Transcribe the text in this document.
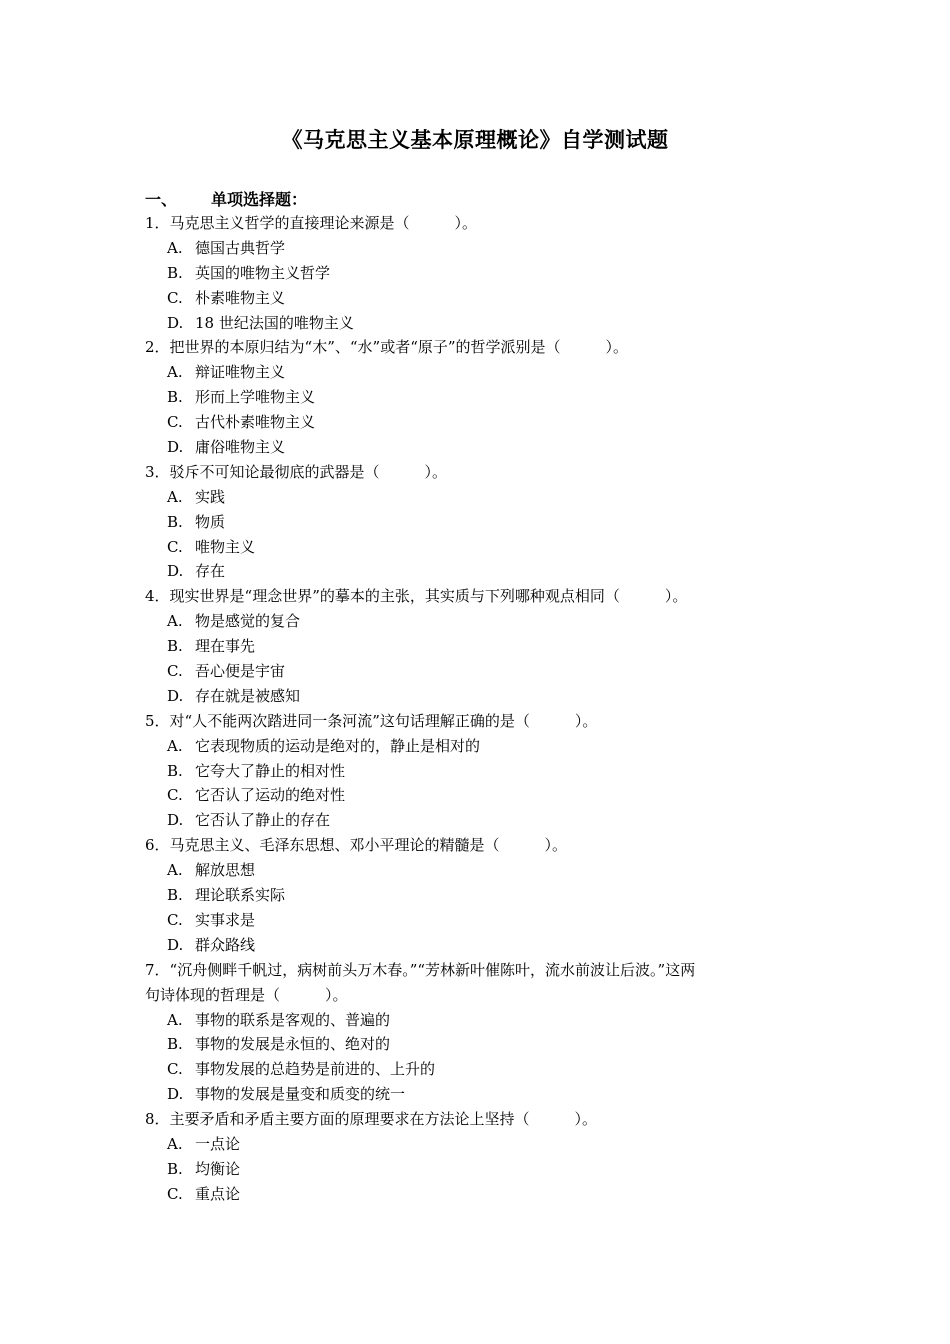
《马克思主义基本原理概论》自学测试题
一、 单项选择题：
1．马克思主义哲学的直接理论来源是（　　　）。
A. 德国古典哲学
B. 英国的唯物主义哲学
C. 朴素唯物主义
D. 18 世纪法国的唯物主义
2．把世界的本原归结为“木”、“水”或者“原子”的哲学派别是（　　　）。
A. 辩证唯物主义
B. 形而上学唯物主义
C. 古代朴素唯物主义
D. 庸俗唯物主义
3．驳斥不可知论最彻底的武器是（　　　）。
A. 实践
B. 物质
C. 唯物主义
D. 存在
4．现实世界是“理念世界”的摹本的主张，其实质与下列哪种观点相同（　　　）。
A. 物是感觉的复合
B. 理在事先
C. 吾心便是宇宙
D. 存在就是被感知
5．对“人不能两次踏进同一条河流”这句话理解正确的是（　　　）。
A. 它表现物质的运动是绝对的，静止是相对的
B. 它夸大了静止的相对性
C. 它否认了运动的绝对性
D. 它否认了静止的存在
6．马克思主义、毛泽东思想、邓小平理论的精髓是（　　　）。
A. 解放思想
B. 理论联系实际
C. 实事求是
D. 群众路线
7．“沉舟侧畔千帆过，病树前头万木春。”“芳林新叶催陈叶，流水前波让后波。”这两
句诗体现的哲理是（　　　）。
A. 事物的联系是客观的、普遍的
B. 事物的发展是永恒的、绝对的
C. 事物发展的总趋势是前进的、上升的
D. 事物的发展是量变和质变的统一
8．主要矛盾和矛盾主要方面的原理要求在方法论上坚持（　　　）。
A. 一点论
B. 均衡论
C. 重点论
